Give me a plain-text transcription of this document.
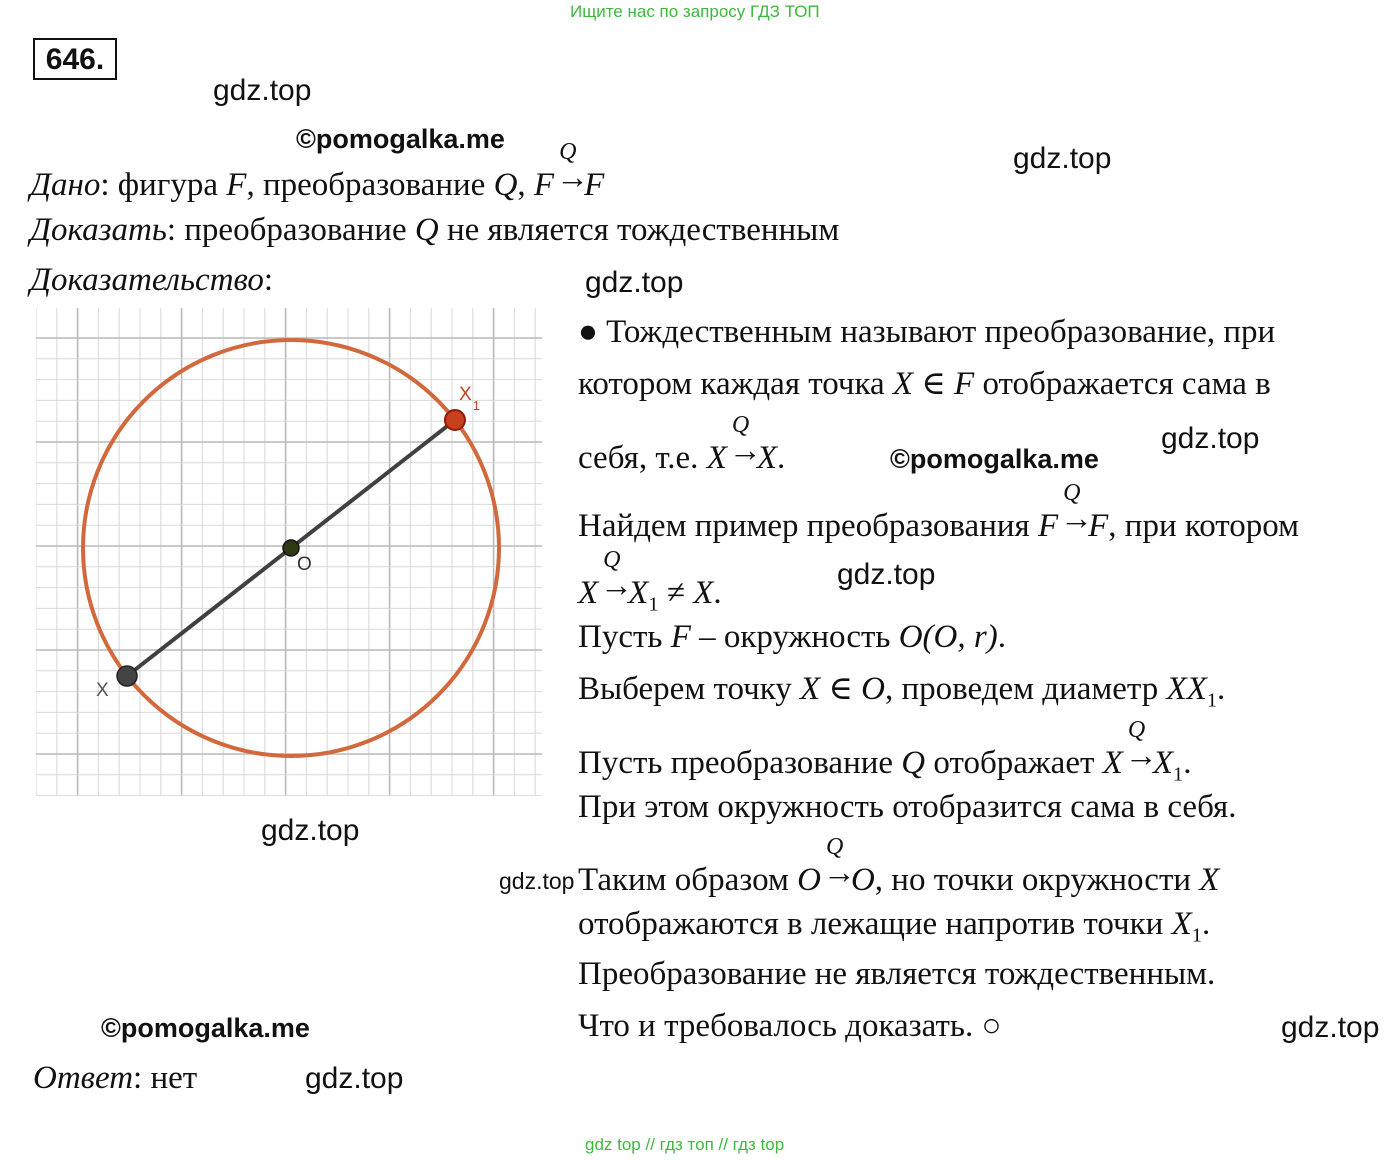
Ищите нас по запросу ГДЗ ТОП
646.
gdz.top
©pomogalka.me
gdz.top
gdz.top
gdz.top
©pomogalka.me
gdz.top
gdz.top
gdz.top
©pomogalka.me	gdz.top
gdz.top
Дано: фигура F, преобразование Q, F
Q
→
F
Доказать: преобразование Q не является тождественным
Доказательство:
O
X
$X_1$
● Тождественным называют преобразование, при
котором каждая точка X ∈ F отображается сама в
себя, т.е. X
Q
→
X.
Найдем пример преобразования F
Q
→
F, при котором
X
Q
→
$X_1 \ne X$.
Пусть F – окружность O(O, r).
Выберем точку X ∈ O, проведем диаметр $XX_1$.
Пусть преобразование Q отображает X
Q
→
$X_1$.
При этом окружность отобразится сама в себя.
Таким образом O
Q
→
O, но точки окружности X
отображаются в лежащие напротив точки $X_1$.
Преобразование не является тождественным.
Что и требовалось доказать. ○
Ответ: нет
gdz top // гдз топ // гдз top
